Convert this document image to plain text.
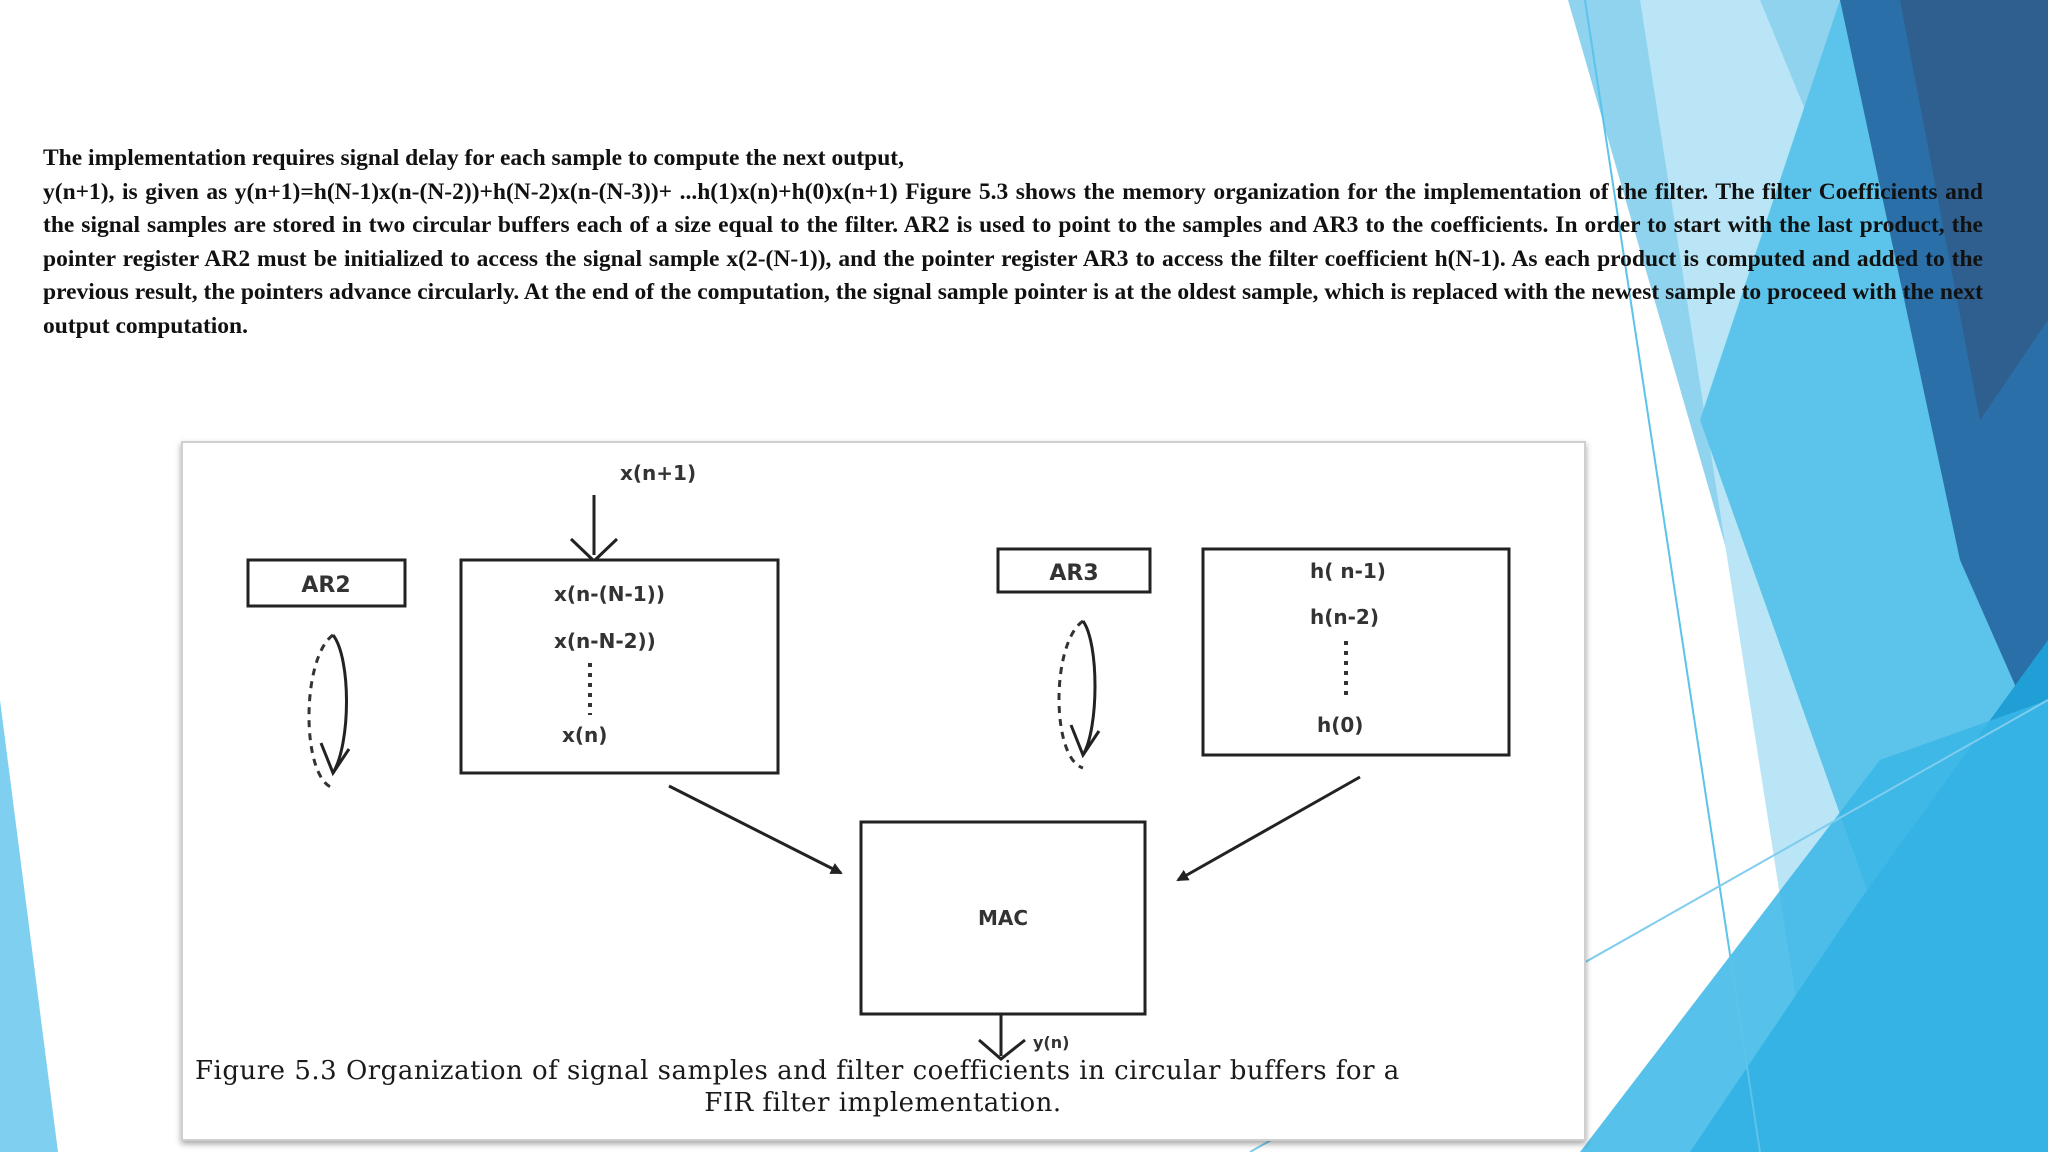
The implementation requires signal delay for each sample to compute the next output,

y(n+1), is given as y(n+1)=h(N-1)x(n-(N-2))+h(N-2)x(n-(N-3))+ ...h(1)x(n)+h(0)x(n+1) Figure 5.3 shows the memory organization for the implementation of the filter. The filter Coefficients and the signal samples are stored in two circular buffers each of a size equal to the filter. AR2 is used to point to the samples and AR3 to the coefficients. In order to start with the last product, the pointer register AR2 must be initialized to access the signal sample x(2-(N-1)), and the pointer register AR3 to access the filter coefficient h(N-1). As each product is computed and added to the previous result, the pointers advance circularly. At the end of the computation, the signal sample pointer is at the oldest sample, which is replaced with the newest sample to proceed with the next output computation.

x(n+1)
AR2	x(n-(N-1))
x(n-N-2))
x(n)
AR3	h( n-1)
h(n-2)
h(0)
MAC
y(n)
Figure 5.3 Organization of signal samples and filter coefficients in circular buffers for a
FIR filter implementation.
